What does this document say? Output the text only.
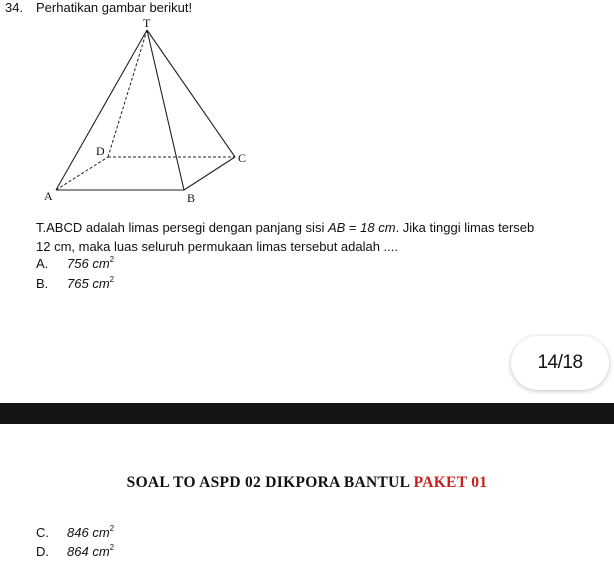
34. Perhatikan gambar berikut!
T
D	C
A	B
T.ABCD adalah limas persegi dengan panjang sisi AB = 18 cm. Jika tinggi limas terseb
12 cm, maka luas seluruh permukaan limas tersebut adalah ....
A. 756 $cm^2$
B. 765 $cm^2$
14/18
SOAL TO ASPD 02 DIKPORA BANTUL PAKET 01
C. 846 $cm^2$
D. 864 $cm^2$
